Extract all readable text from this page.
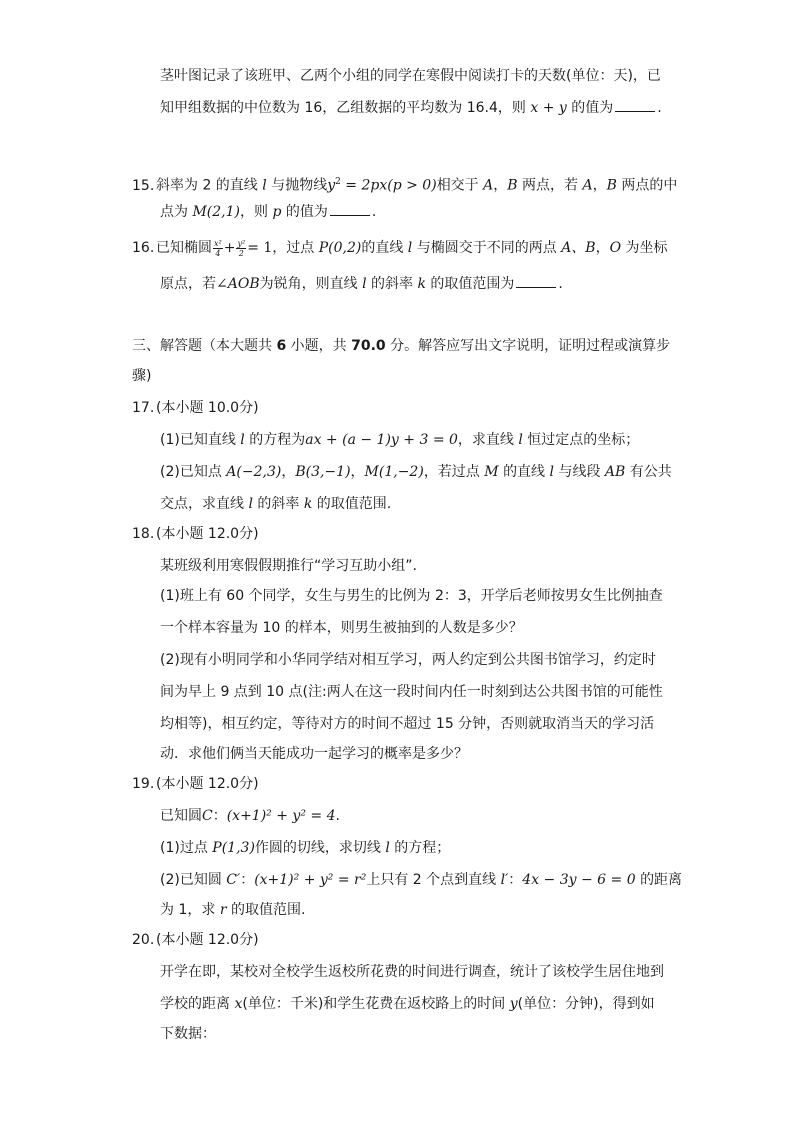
茎叶图记录了该班甲、乙两个小组的同学在寒假中阅读打卡的天数(单位：天)，已
知甲组数据的中位数为 16，乙组数据的平均数为 16.4，则 x + y 的值为	.
15. 斜率为 2 的直线 l 与抛物线$y^2 = 2px(p > 0)$相交于 A，B 两点，若 A，B 两点的中
点为 M(2,1)，则 p 的值为	.
16. 已知椭圆 $\frac{\text{x²}}{4} + \frac{\text{y²}}{2} = 1$，过点 P(0,2)的直线 l 与椭圆交于不同的两点 A、B，O 为坐标
原点，若∠AOB为锐角，则直线 l 的斜率 k 的取值范围为	.
三、解答题（本大题共 6 小题，共 70.0 分。解答应写出文字说明，证明过程或演算步
骤)
17. (本小题 10.0分)
(1)已知直线 l 的方程为ax + (a − 1)y + 3 = 0，求直线 l 恒过定点的坐标；
(2)已知点 A(−2,3)，B(3,−1)，M(1,−2)，若过点 M 的直线 l 与线段 AB 有公共
交点，求直线 l 的斜率 k 的取值范围.
18. (本小题 12.0分)
某班级利用寒假假期推行“学习互助小组”.
(1)班上有 60 个同学，女生与男生的比例为 2：3，开学后老师按男女生比例抽查
一个样本容量为 10 的样本，则男生被抽到的人数是多少？
(2)现有小明同学和小华同学结对相互学习，两人约定到公共图书馆学习，约定时
间为早上 9 点到 10 点(注:两人在这一段时间内任一时刻到达公共图书馆的可能性
均相等)，相互约定，等待对方的时间不超过 15 分钟，否则就取消当天的学习活
动．求他们俩当天能成功一起学习的概率是多少？
19. (本小题 12.0分)
已知圆C：(x+1)² + y² = 4.
(1)过点 P(1,3)作圆的切线，求切线 l 的方程；
(2)已知圆 C′：(x+1)² + y² = r²上只有 2 个点到直线 l′：4x − 3y − 6 = 0 的距离
为 1，求 r 的取值范围.
20. (本小题 12.0分)
开学在即，某校对全校学生返校所花费的时间进行调查，统计了该校学生居住地到
学校的距离 x(单位：千米)和学生花费在返校路上的时间 y(单位：分钟)，得到如
下数据：
